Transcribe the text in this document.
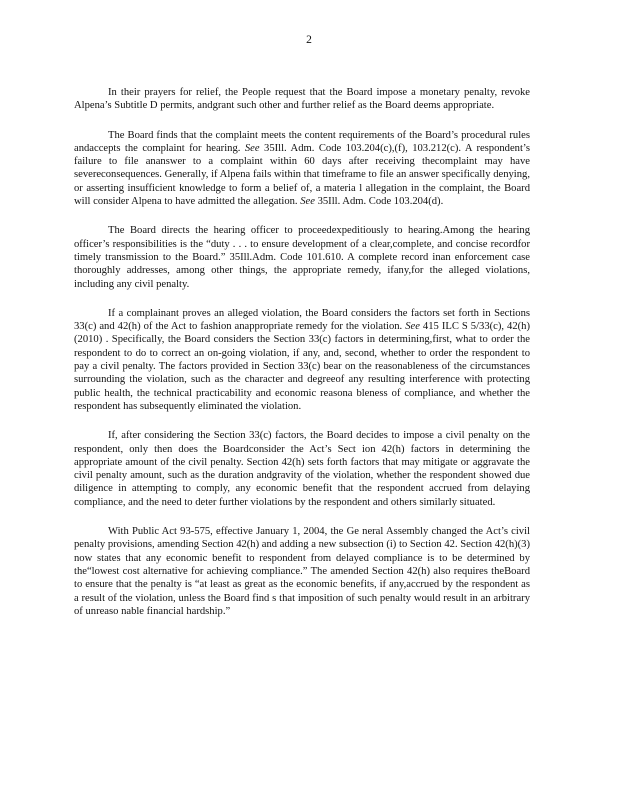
2

In their prayers for relief, the People request that the Board impose a monetary penalty, revoke Alpena’s Subtitle D permits, andgrant such other and further relief as the Board deems appropriate.

The Board finds that the complaint meets the content requirements of the Board’s procedural rules andaccepts the complaint for hearing. See 35Ill. Adm. Code 103.204(c),(f), 103.212(c). A respondent’s failure to file ananswer to a complaint within 60 days after receiving thecomplaint may have severeconsequences. Generally, if Alpena fails within that timeframe to file an answer specifically denying, or asserting insufficient knowledge to form a belief of, a materia l allegation in the complaint, the Board will consider Alpena to have admitted the allegation. See 35Ill. Adm. Code 103.204(d).

The Board directs the hearing officer to proceedexpeditiously to hearing.Among the hearing officer’s responsibilities is the “duty . . . to ensure development of a clear,complete, and concise recordfor timely transmission to the Board.” 35Ill.Adm. Code 101.610. A complete record inan enforcement case thoroughly addresses, among other things, the appropriate remedy, ifany,for the alleged violations, including any civil penalty.

If a complainant proves an alleged violation, the Board considers the factors set forth in Sections 33(c) and 42(h) of the Act to fashion anappropriate remedy for the violation. See 415 ILC S 5/33(c), 42(h) (2010) . Specifically, the Board considers the Section 33(c) factors in determining,first, what to order the respondent to do to correct an on-going violation, if any, and, second, whether to order the respondent to pay a civil penalty. The factors provided in Section 33(c) bear on the reasonableness of the circumstances surrounding the violation, such as the character and degreeof any resulting interference with protecting public health, the technical practicability and economic reasona bleness of compliance, and whether the respondent has subsequently eliminated the violation.

If, after considering the Section 33(c) factors, the Board decides to impose a civil penalty on the respondent, only then does the Boardconsider the Act’s Sect ion 42(h) factors in determining the appropriate amount of the civil penalty. Section 42(h) sets forth factors that may mitigate or aggravate the civil penalty amount, such as the duration andgravity of the violation, whether the respondent showed due diligence in attempting to comply, any economic benefit that the respondent accrued from delaying compliance, and the need to deter further violations by the respondent and others similarly situated.

With Public Act 93-575, effective January 1, 2004, the Ge neral Assembly changed the Act’s civil penalty provisions, amending Section 42(h) and adding a new subsection (i) to Section 42. Section 42(h)(3) now states that any economic benefit to respondent from delayed compliance is to be determined by the“lowest cost alternative for achieving compliance.” The amended Section 42(h) also requires theBoard to ensure that the penalty is “at least as great as the economic benefits, if any,accrued by the respondent as a result of the violation, unless the Board find s that imposition of such penalty would result in an arbitrary of unreaso nable financial hardship.”
